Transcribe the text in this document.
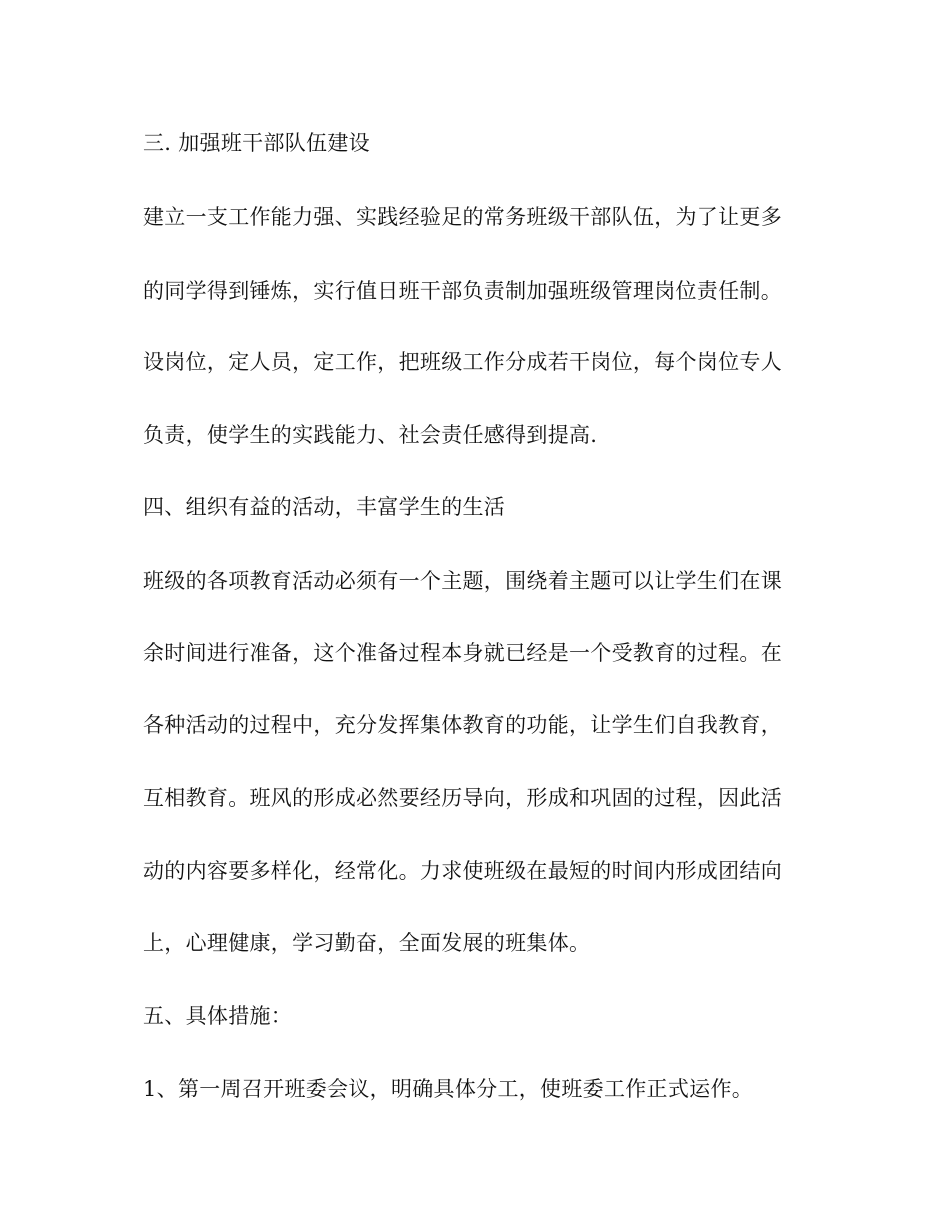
三. 加强班干部队伍建设

建立一支工作能力强、实践经验足的常务班级干部队伍，为了让更多

的同学得到锤炼，实行值日班干部负责制加强班级管理岗位责任制。

设岗位，定人员，定工作，把班级工作分成若干岗位，每个岗位专人

负责，使学生的实践能力、社会责任感得到提高.

四、组织有益的活动，丰富学生的生活

班级的各项教育活动必须有一个主题，围绕着主题可以让学生们在课

余时间进行准备，这个准备过程本身就已经是一个受教育的过程。在

各种活动的过程中，充分发挥集体教育的功能，让学生们自我教育，

互相教育。班风的形成必然要经历导向，形成和巩固的过程，因此活

动的内容要多样化，经常化。力求使班级在最短的时间内形成团结向

上，心理健康，学习勤奋，全面发展的班集体。

五、具体措施：

1、第一周召开班委会议，明确具体分工，使班委工作正式运作。
